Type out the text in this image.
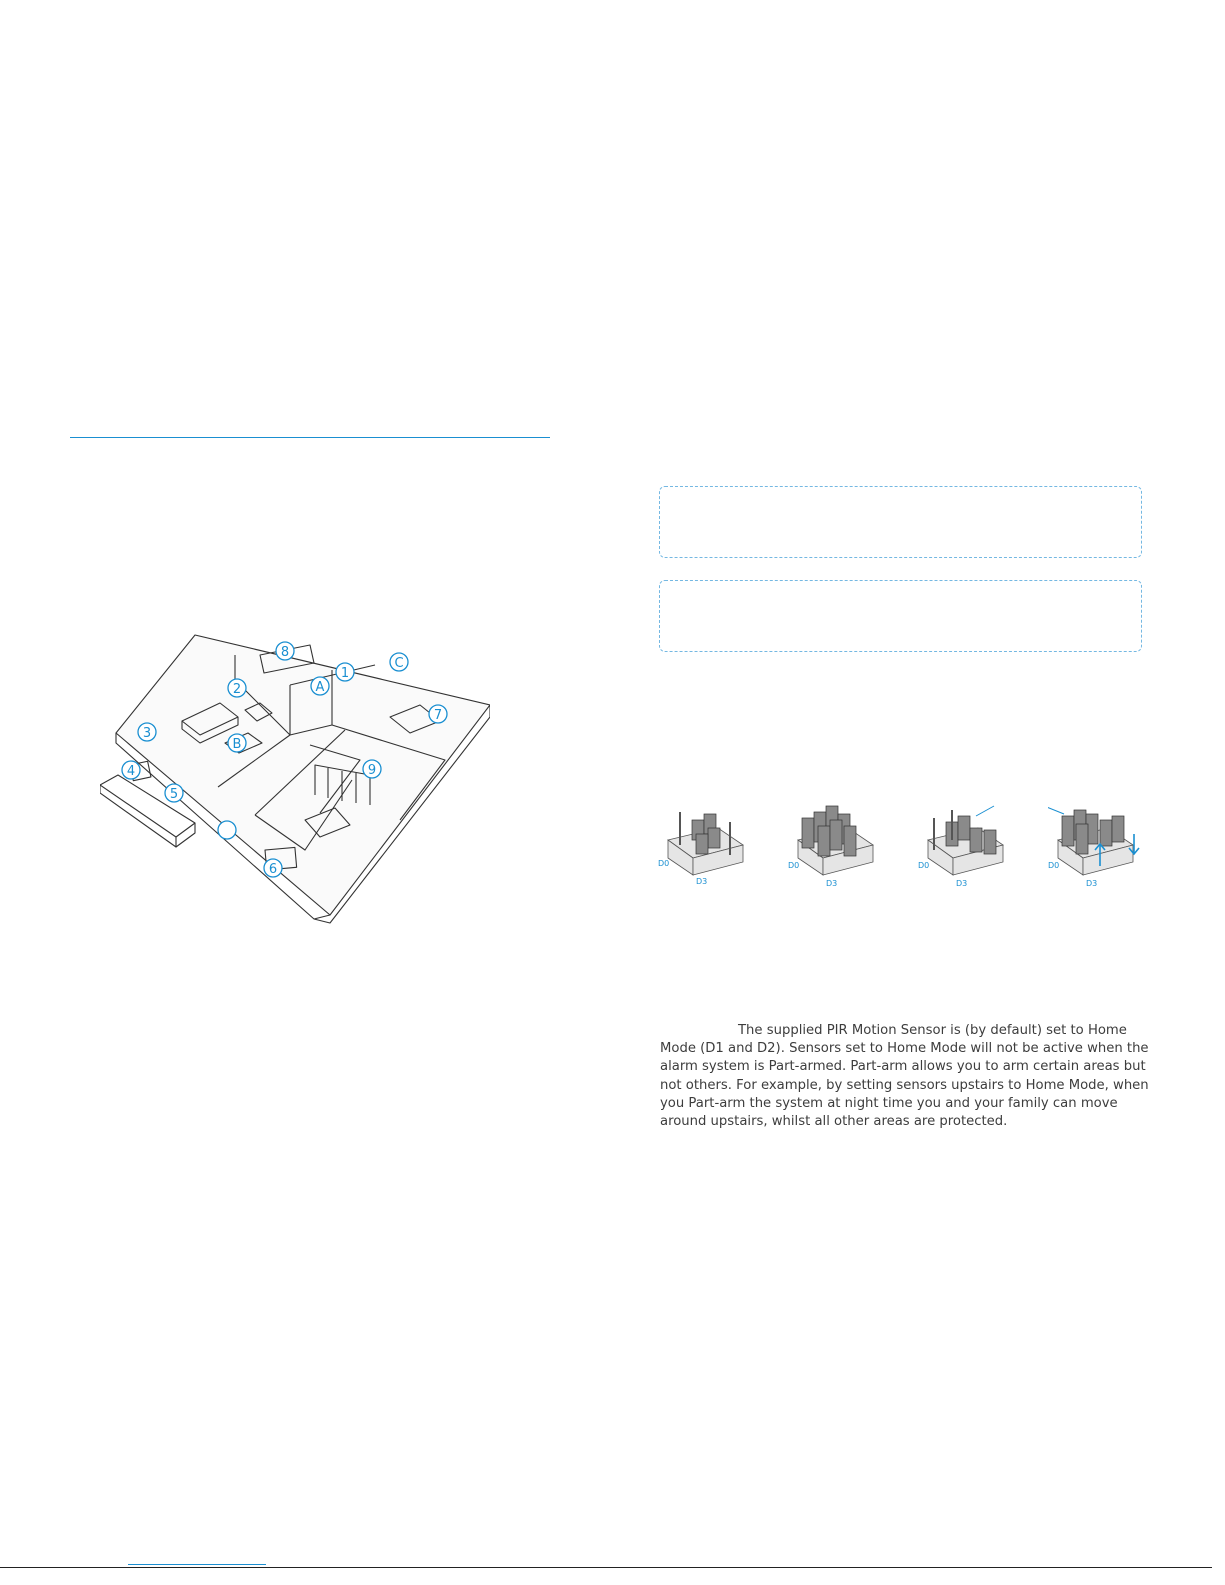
1
2
3
4
5
6
7
8
9
A
B
C
D0
D3
D0
D3
D0
D3
D0
D3

The supplied PIR Motion Sensor is (by default) set to Home Mode (D1 and D2). Sensors set to Home Mode will not be active when the alarm system is Part-armed. Part-arm allows you to arm certain areas but not others. For example, by setting sensors upstairs to Home Mode, when you Part-arm the system at night time you and your family can move around upstairs, whilst all other areas are protected.
